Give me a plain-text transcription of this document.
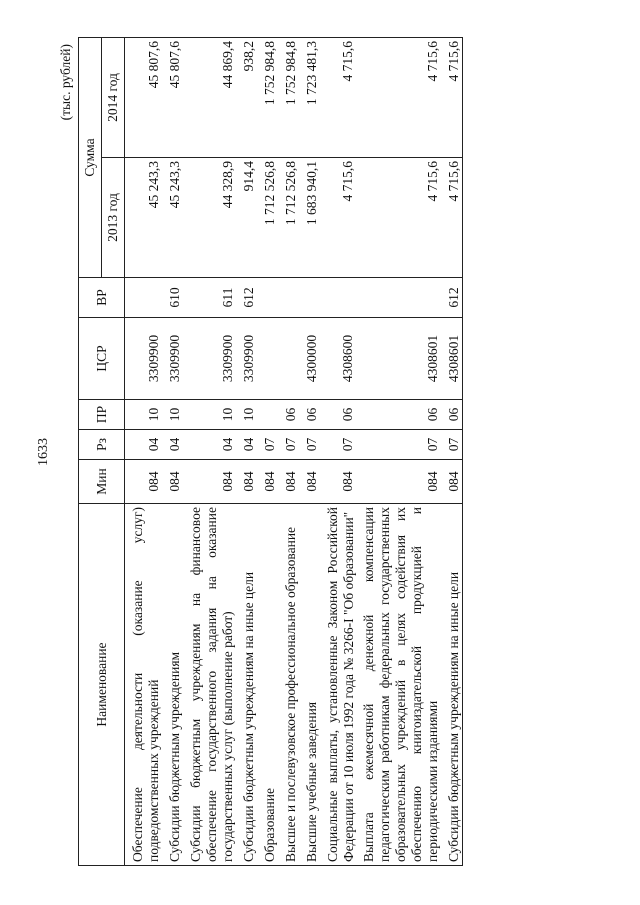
1633
(тыс. рублей)
Наименование	Мин	Рз	ПР	ЦСР	ВР	Сумма	
						2013 год	2014 год
Обеспечение деятельности (оказание услуг) подведомственных учреждений	084	04	10	3309900		45 243,3	45 807,6
Субсидии бюджетным учреждениям	084	04	10	3309900	610	45 243,3	45 807,6
Субсидии бюджетным учреждениям на финансовое обеспечение государственного задания на оказание государственных услуг (выполнение работ)	084	04	10	3309900	611	44 328,9	44 869,4
Субсидии бюджетным учреждениям на иные цели	084	04	10	3309900	612	914,4	938,2
Образование	084	07				1 712 526,8	1 752 984,8
Высшее и послевузовское профессиональное образование	084	07	06			1 712 526,8	1 752 984,8
Высшие учебные заведения	084	07	06	4300000		1 683 940,1	1 723 481,3
Социальные выплаты, установленные Законом Российской Федерации от 10 июля 1992 года № 3266-I "Об образовании"	084	07	06	4308600		4 715,6	4 715,6
Выплата ежемесячной денежной компенсации педагогическим работникам федеральных государственных образовательных учреждений в целях содействия их обеспечению книгоиздательской продукцией и периодическими изданиями	084	07	06	4308601		4 715,6	4 715,6
Субсидии бюджетным учреждениям на иные цели	084	07	06	4308601	612	4 715,6	4 715,6
